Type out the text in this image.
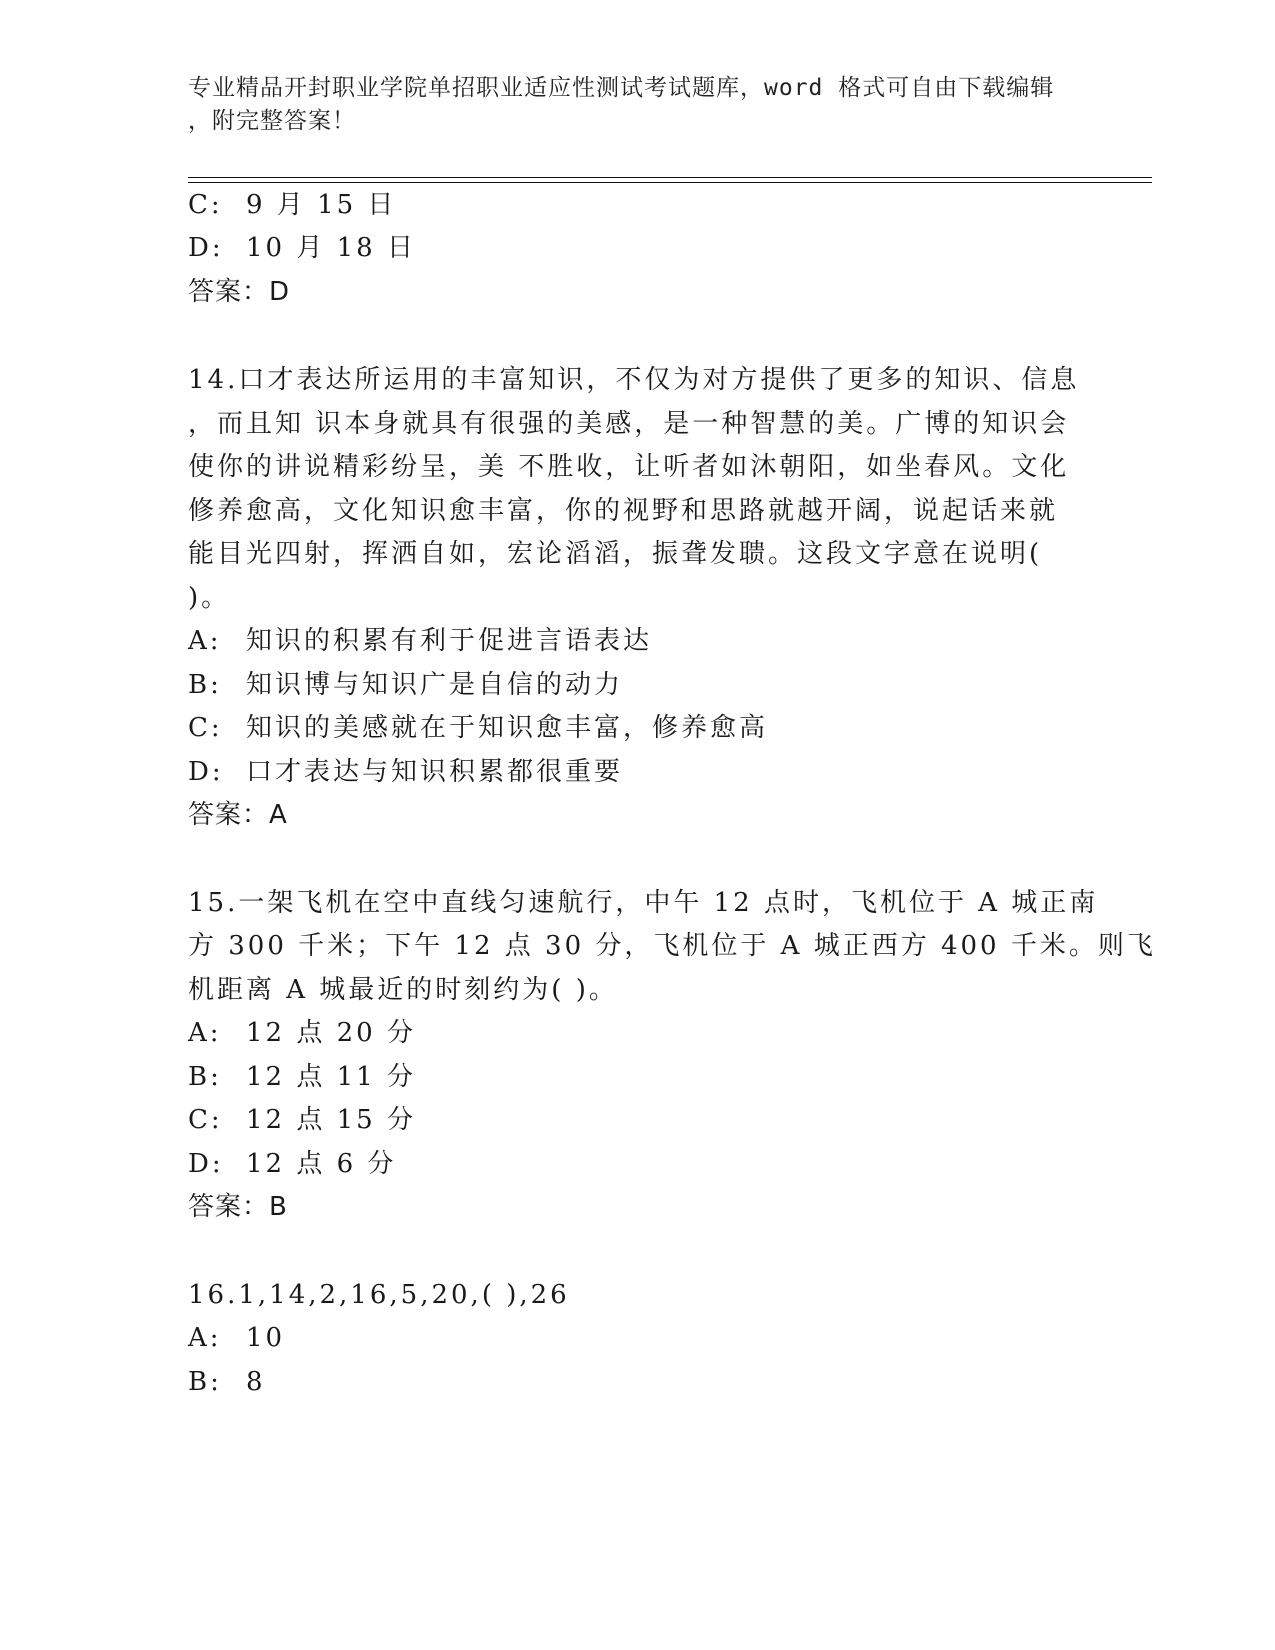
专业精品开封职业学院单招职业适应性测试考试题库，word 格式可自由下载编辑
，附完整答案！
C: 9 月 15 日
D: 10 月 18 日
答案：D
14.口才表达所运用的丰富知识，不仅为对方提供了更多的知识、信息
，而且知 识本身就具有很强的美感，是一种智慧的美。广博的知识会
使你的讲说精彩纷呈，美 不胜收，让听者如沐朝阳，如坐春风。文化
修养愈高，文化知识愈丰富，你的视野和思路就越开阔，说起话来就
能目光四射，挥洒自如，宏论滔滔，振聋发聩。这段文字意在说明(
)。
A: 知识的积累有利于促进言语表达
B: 知识博与知识广是自信的动力
C: 知识的美感就在于知识愈丰富，修养愈高
D: 口才表达与知识积累都很重要
答案：A
15.一架飞机在空中直线匀速航行，中午 12 点时，飞机位于 A 城正南
方 300 千米；下午 12 点 30 分，飞机位于 A 城正西方 400 千米。则飞
机距离 A 城最近的时刻约为( )。
A: 12 点 20 分
B: 12 点 11 分
C: 12 点 15 分
D: 12 点 6 分
答案：B
16.1,14,2,16,5,20,( ),26
A: 10
B: 8
